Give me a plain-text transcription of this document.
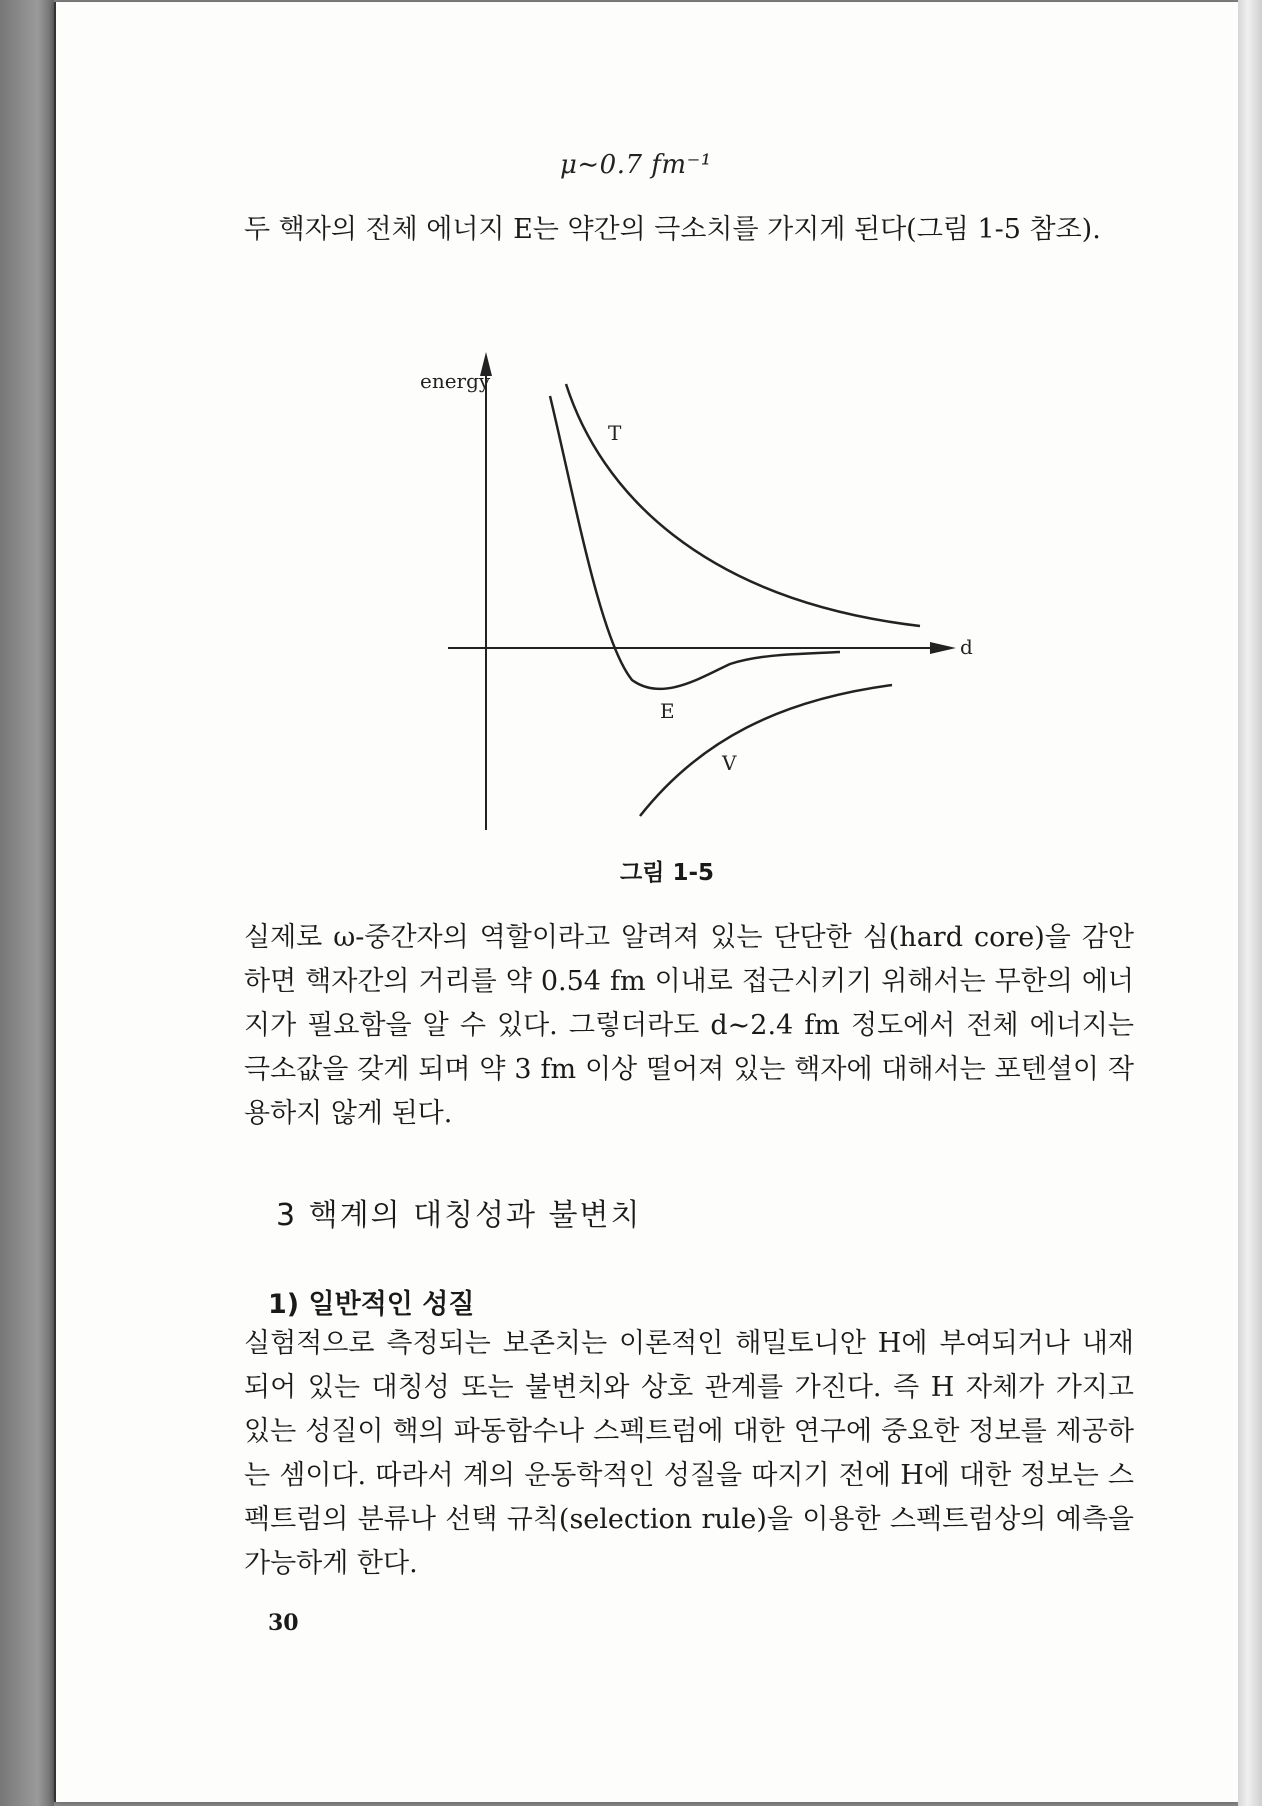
μ∼0.7 fm⁻¹
두 핵자의 전체 에너지 E는 약간의 극소치를 가지게 된다(그림 1-5 참조).
energy
d
T
E
V
그림 1-5
실제로 ω-중간자의 역할이라고 알려져 있는 단단한 심(hard core)을 감안하면 핵자간의 거리를 약 0.54 fm 이내로 접근시키기 위해서는 무한의 에너지가 필요함을 알 수 있다. 그렇더라도 d∼2.4 fm 정도에서 전체 에너지는 극소값을 갖게 되며 약 3 fm 이상 떨어져 있는 핵자에 대해서는 포텐셜이 작용하지 않게 된다.
3 핵계의 대칭성과 불변치
1) 일반적인 성질
실험적으로 측정되는 보존치는 이론적인 해밀토니안 H에 부여되거나 내재되어 있는 대칭성 또는 불변치와 상호 관계를 가진다. 즉 H 자체가 가지고 있는 성질이 핵의 파동함수나 스펙트럼에 대한 연구에 중요한 정보를 제공하는 셈이다. 따라서 계의 운동학적인 성질을 따지기 전에 H에 대한 정보는 스펙트럼의 분류나 선택 규칙(selection rule)을 이용한 스펙트럼상의 예측을 가능하게 한다.
30
